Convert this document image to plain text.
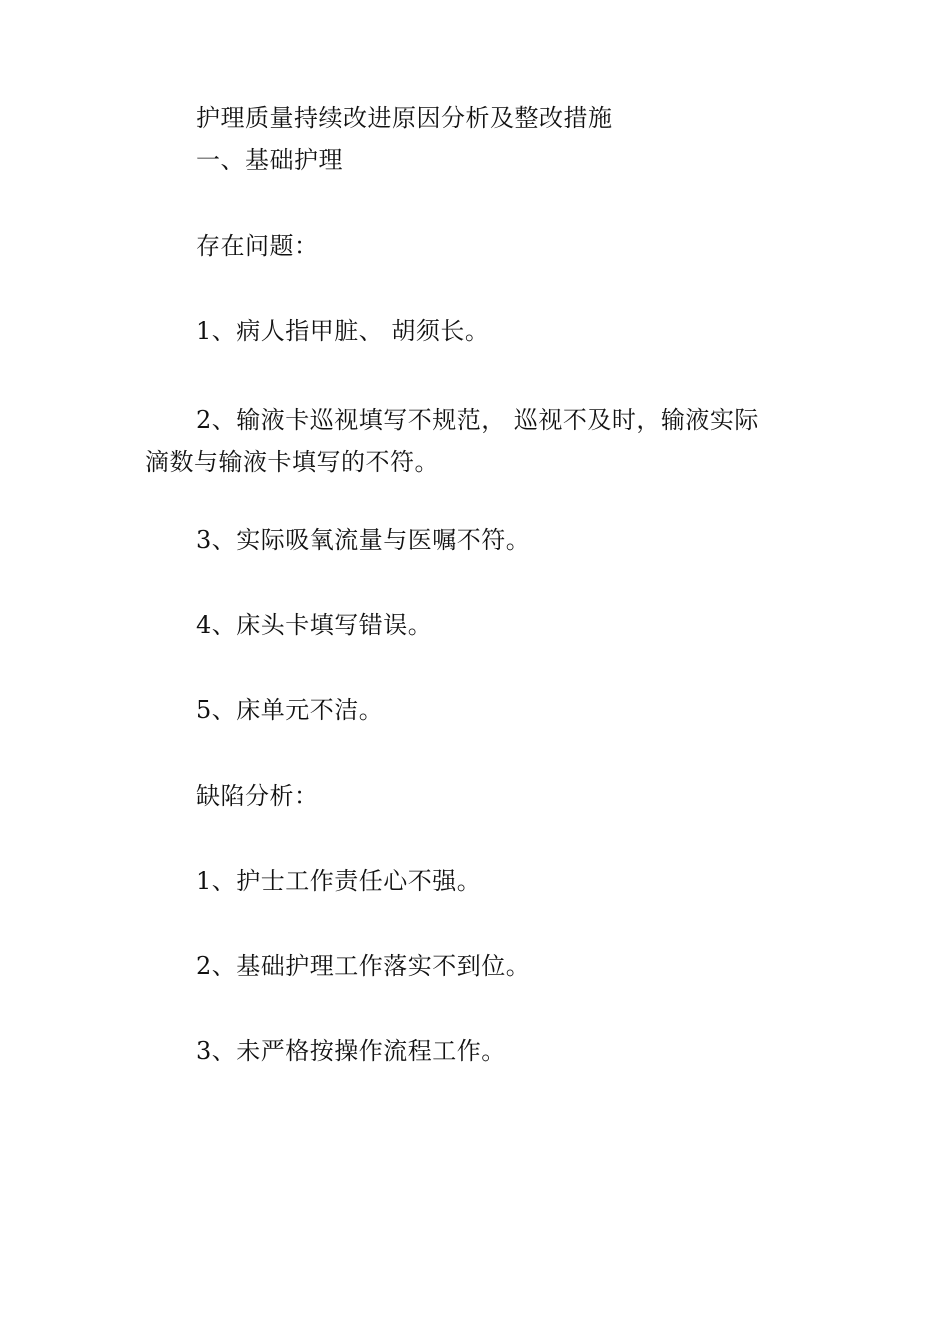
护理质量持续改进原因分析及整改措施
一、基础护理
存在问题：
1、病人指甲脏、 胡须长。
2、输液卡巡视填写不规范， 巡视不及时，输液实际
滴数与输液卡填写的不符。
3、实际吸氧流量与医嘱不符。
4、床头卡填写错误。
5、床单元不洁。
缺陷分析：
1、护士工作责任心不强。
2、基础护理工作落实不到位。
3、未严格按操作流程工作。
